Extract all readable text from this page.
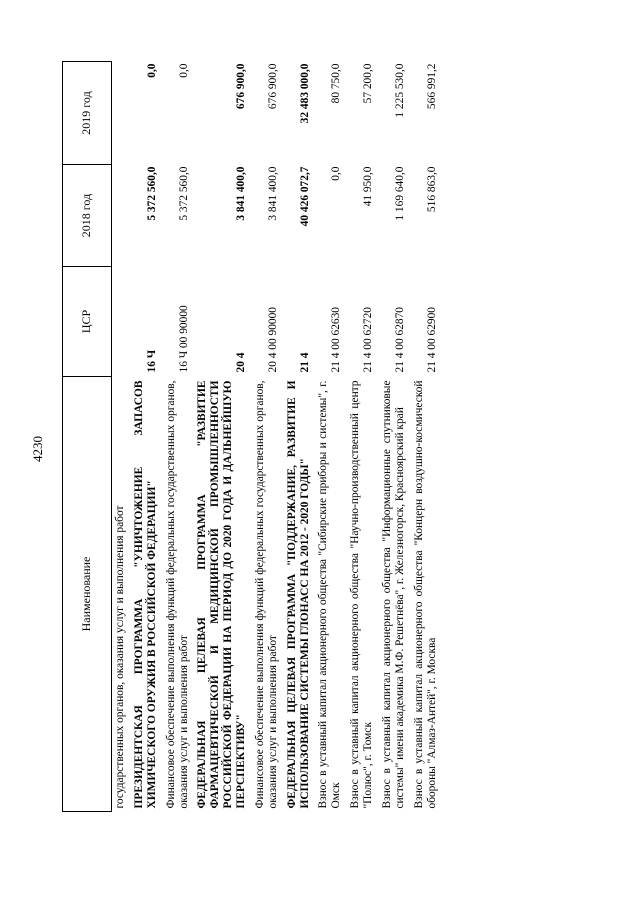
4230
Наименование	ЦСР	2018 год	2019 год
государственных органов, оказания услуг и выполнения работ			
ПРЕЗИДЕНТСКАЯ ПРОГРАММА "УНИЧТОЖЕНИЕ ЗАПАСОВ ХИМИЧЕСКОГО ОРУЖИЯ В РОССИЙСКОЙ ФЕДЕРАЦИИ"	16 Ч	5 372 560,0	0,0
Финансовое обеспечение выполнения функций федеральных государственных органов, оказания услуг и выполнения работ	16 Ч 00 90000	5 372 560,0	0,0
ФЕДЕРАЛЬНАЯ ЦЕЛЕВАЯ ПРОГРАММА "РАЗВИТИЕ ФАРМАЦЕВТИЧЕСКОЙ И МЕДИЦИНСКОЙ ПРОМЫШЛЕННОСТИ РОССИЙСКОЙ ФЕДЕРАЦИИ НА ПЕРИОД ДО 2020 ГОДА И ДАЛЬНЕЙШУЮ ПЕРСПЕКТИВУ"	20 4	3 841 400,0	676 900,0
Финансовое обеспечение выполнения функций федеральных государственных органов, оказания услуг и выполнения работ	20 4 00 90000	3 841 400,0	676 900,0
ФЕДЕРАЛЬНАЯ ЦЕЛЕВАЯ ПРОГРАММА "ПОДДЕРЖАНИЕ, РАЗВИТИЕ И ИСПОЛЬЗОВАНИЕ СИСТЕМЫ ГЛОНАСС НА 2012 - 2020 ГОДЫ"	21 4	40 426 072,7	32 483 000,0
Взнос в уставный капитал акционерного общества "Сибирские приборы и системы", г. Омск	21 4 00 62630	0,0	80 750,0
Взнос в уставный капитал акционерного общества "Научно-производственный центр "Полюс", г. Томск	21 4 00 62720	41 950,0	57 200,0
Взнос в уставный капитал акционерного общества "Информационные спутниковые системы" имени академика М.Ф. Решетнёва", г. Железногорск, Красноярский край	21 4 00 62870	1 169 640,0	1 225 530,0
Взнос в уставный капитал акционерного общества "Концерн воздушно-космической обороны "Алмаз-Антей", г. Москва	21 4 00 62900	516 863,0	566 991,2
